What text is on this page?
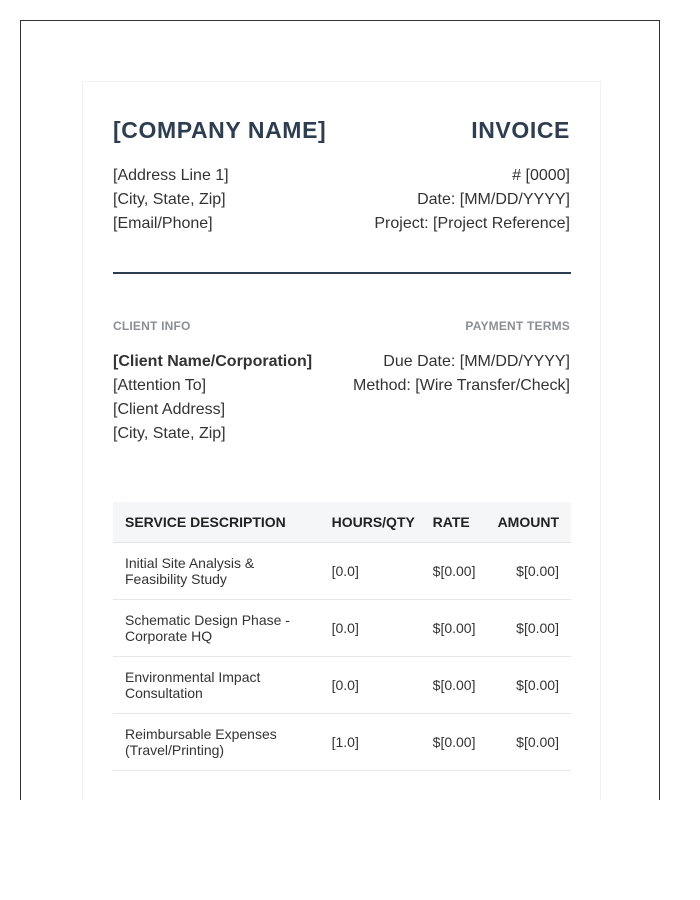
[COMPANY NAME]	INVOICE
[Address Line 1]
[City, State, Zip]
[Email/Phone]
# [0000]
Date: [MM/DD/YYYY]
Project: [Project Reference]
CLIENT INFO	PAYMENT TERMS
[Client Name/Corporation]
[Attention To]
[Client Address]
[City, State, Zip]
Due Date: [MM/DD/YYYY]
Method: [Wire Transfer/Check]
SERVICE DESCRIPTION	HOURS/QTY	RATE	AMOUNT

Initial Site Analysis & Feasibility Study	[0.0]	$[0.00]	$[0.00]

Schematic Design Phase - Corporate HQ	[0.0]	$[0.00]	$[0.00]

Environmental Impact Consultation	[0.0]	$[0.00]	$[0.00]

Reimbursable Expenses (Travel/Printing)	[1.0]	$[0.00]	$[0.00]
